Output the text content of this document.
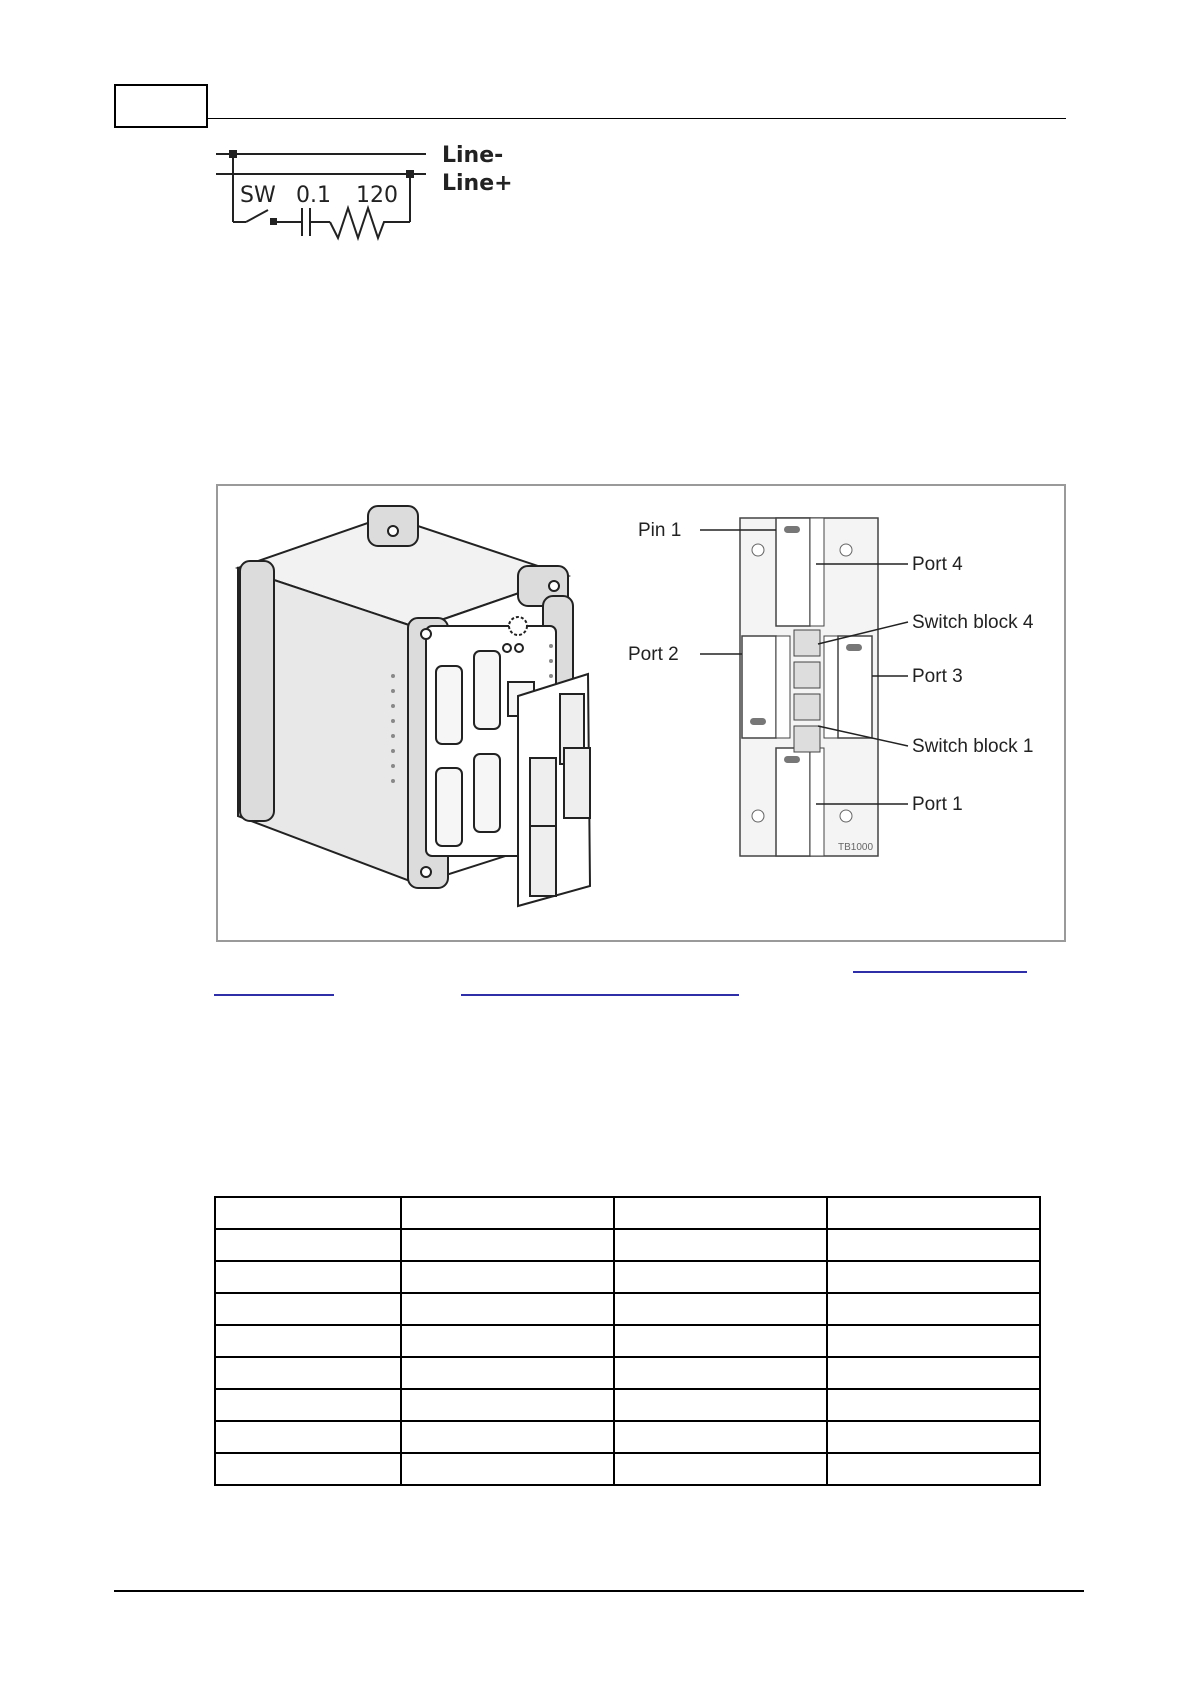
SW 0.1 120
Line-
Line+
TB1000
Pin 1
Port 4
Switch block 4
Port 2
Port 3
Switch block 1
Port 1
